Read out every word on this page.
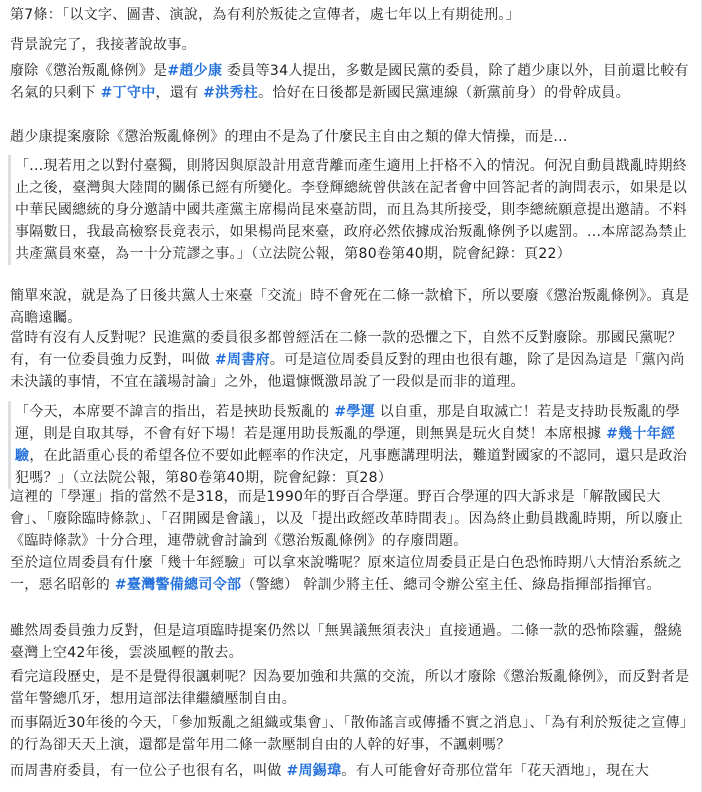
第7條：「以文字、圖書、演說，為有利於叛徒之宣傳者，處七年以上有期徒刑。」

背景說完了，我接著說故事。

廢除《懲治叛亂條例》是#趙少康 委員等34人提出，多數是國民黨的委員，除了趙少康以外，目前還比較有名氣的只剩下 #丁守中，還有 #洪秀柱。恰好在日後都是新國民黨連線（新黨前身）的骨幹成員。

趙少康提案廢除《懲治叛亂條例》的理由不是為了什麼民主自由之類的偉大情操，而是...

「...現若用之以對付臺獨，則將因與原設計用意背離而產生適用上扞格不入的情況。何況自動員戡亂時期終止之後，臺灣與大陸間的關係已經有所變化。李登輝總統曾供該在記者會中回答記者的詢問表示，如果是以中華民國總統的身分邀請中國共產黨主席楊尚昆來臺訪問，而且為其所接受，則李總統願意提出邀請。不料事隔數日，我最高檢察長竟表示，如果楊尚昆來臺，政府必然依據成治叛亂條例予以處罰。...本席認為禁止共產黨員來臺，為一十分荒謬之事。」（立法院公報，第80卷第40期，院會紀錄：頁22）

簡單來說，就是為了日後共黨人士來臺「交流」時不會死在二條一款槍下，所以要廢《懲治叛亂條例》。真是高瞻遠矚。

當時有沒有人反對呢？民進黨的委員很多都曾經活在二條一款的恐懼之下，自然不反對廢除。那國民黨呢？有，有一位委員強力反對，叫做 #周書府。可是這位周委員反對的理由也很有趣，除了是因為這是「黨內尚未決議的事情，不宜在議場討論」之外，他還慷慨激昂說了一段似是而非的道理。

「今天，本席要不諱言的指出，若是挾助長叛亂的 #學運 以自重，那是自取滅亡！若是支持助長叛亂的學運，則是自取其辱，不會有好下場！若是運用助長叛亂的學運，則無異是玩火自焚！本席根據 #幾十年經驗，在此語重心長的希望各位不要如此輕率的作決定，凡事應講理明法，難道對國家的不認同，還只是政治犯嗎？」（立法院公報，第80卷第40期，院會紀錄：頁28）

這裡的「學運」指的當然不是318，而是1990年的野百合學運。野百合學運的四大訴求是「解散國民大會」、「廢除臨時條款」、「召開國是會議」，以及「提出政經改革時間表」。因為終止動員戡亂時期，所以廢止《臨時條款》十分合理，連帶就會討論到《懲治叛亂條例》的存廢問題。

至於這位周委員有什麼「幾十年經驗」可以拿來說嘴呢？原來這位周委員正是白色恐怖時期八大情治系統之一，惡名昭彰的 #臺灣警備總司令部（警總） 幹訓少將主任、總司令辦公室主任、綠島指揮部指揮官。

雖然周委員強力反對，但是這項臨時提案仍然以「無異議無須表決」直接通過。二條一款的恐怖陰霾，盤繞臺灣上空42年後，雲淡風輕的散去。

看完這段歷史，是不是覺得很諷刺呢？因為要加強和共黨的交流，所以才廢除《懲治叛亂條例》，而反對者是當年警總爪牙，想用這部法律繼續壓制自由。

而事隔近30年後的今天，「參加叛亂之組織或集會」、「散佈謠言或傳播不實之消息」、「為有利於叛徒之宣傳」的行為卻天天上演，還都是當年用二條一款壓制自由的人幹的好事，不諷刺嗎？

而周書府委員，有一位公子也很有名，叫做 #周錫瑋。有人可能會好奇那位當年「花天酒地」，現在大
